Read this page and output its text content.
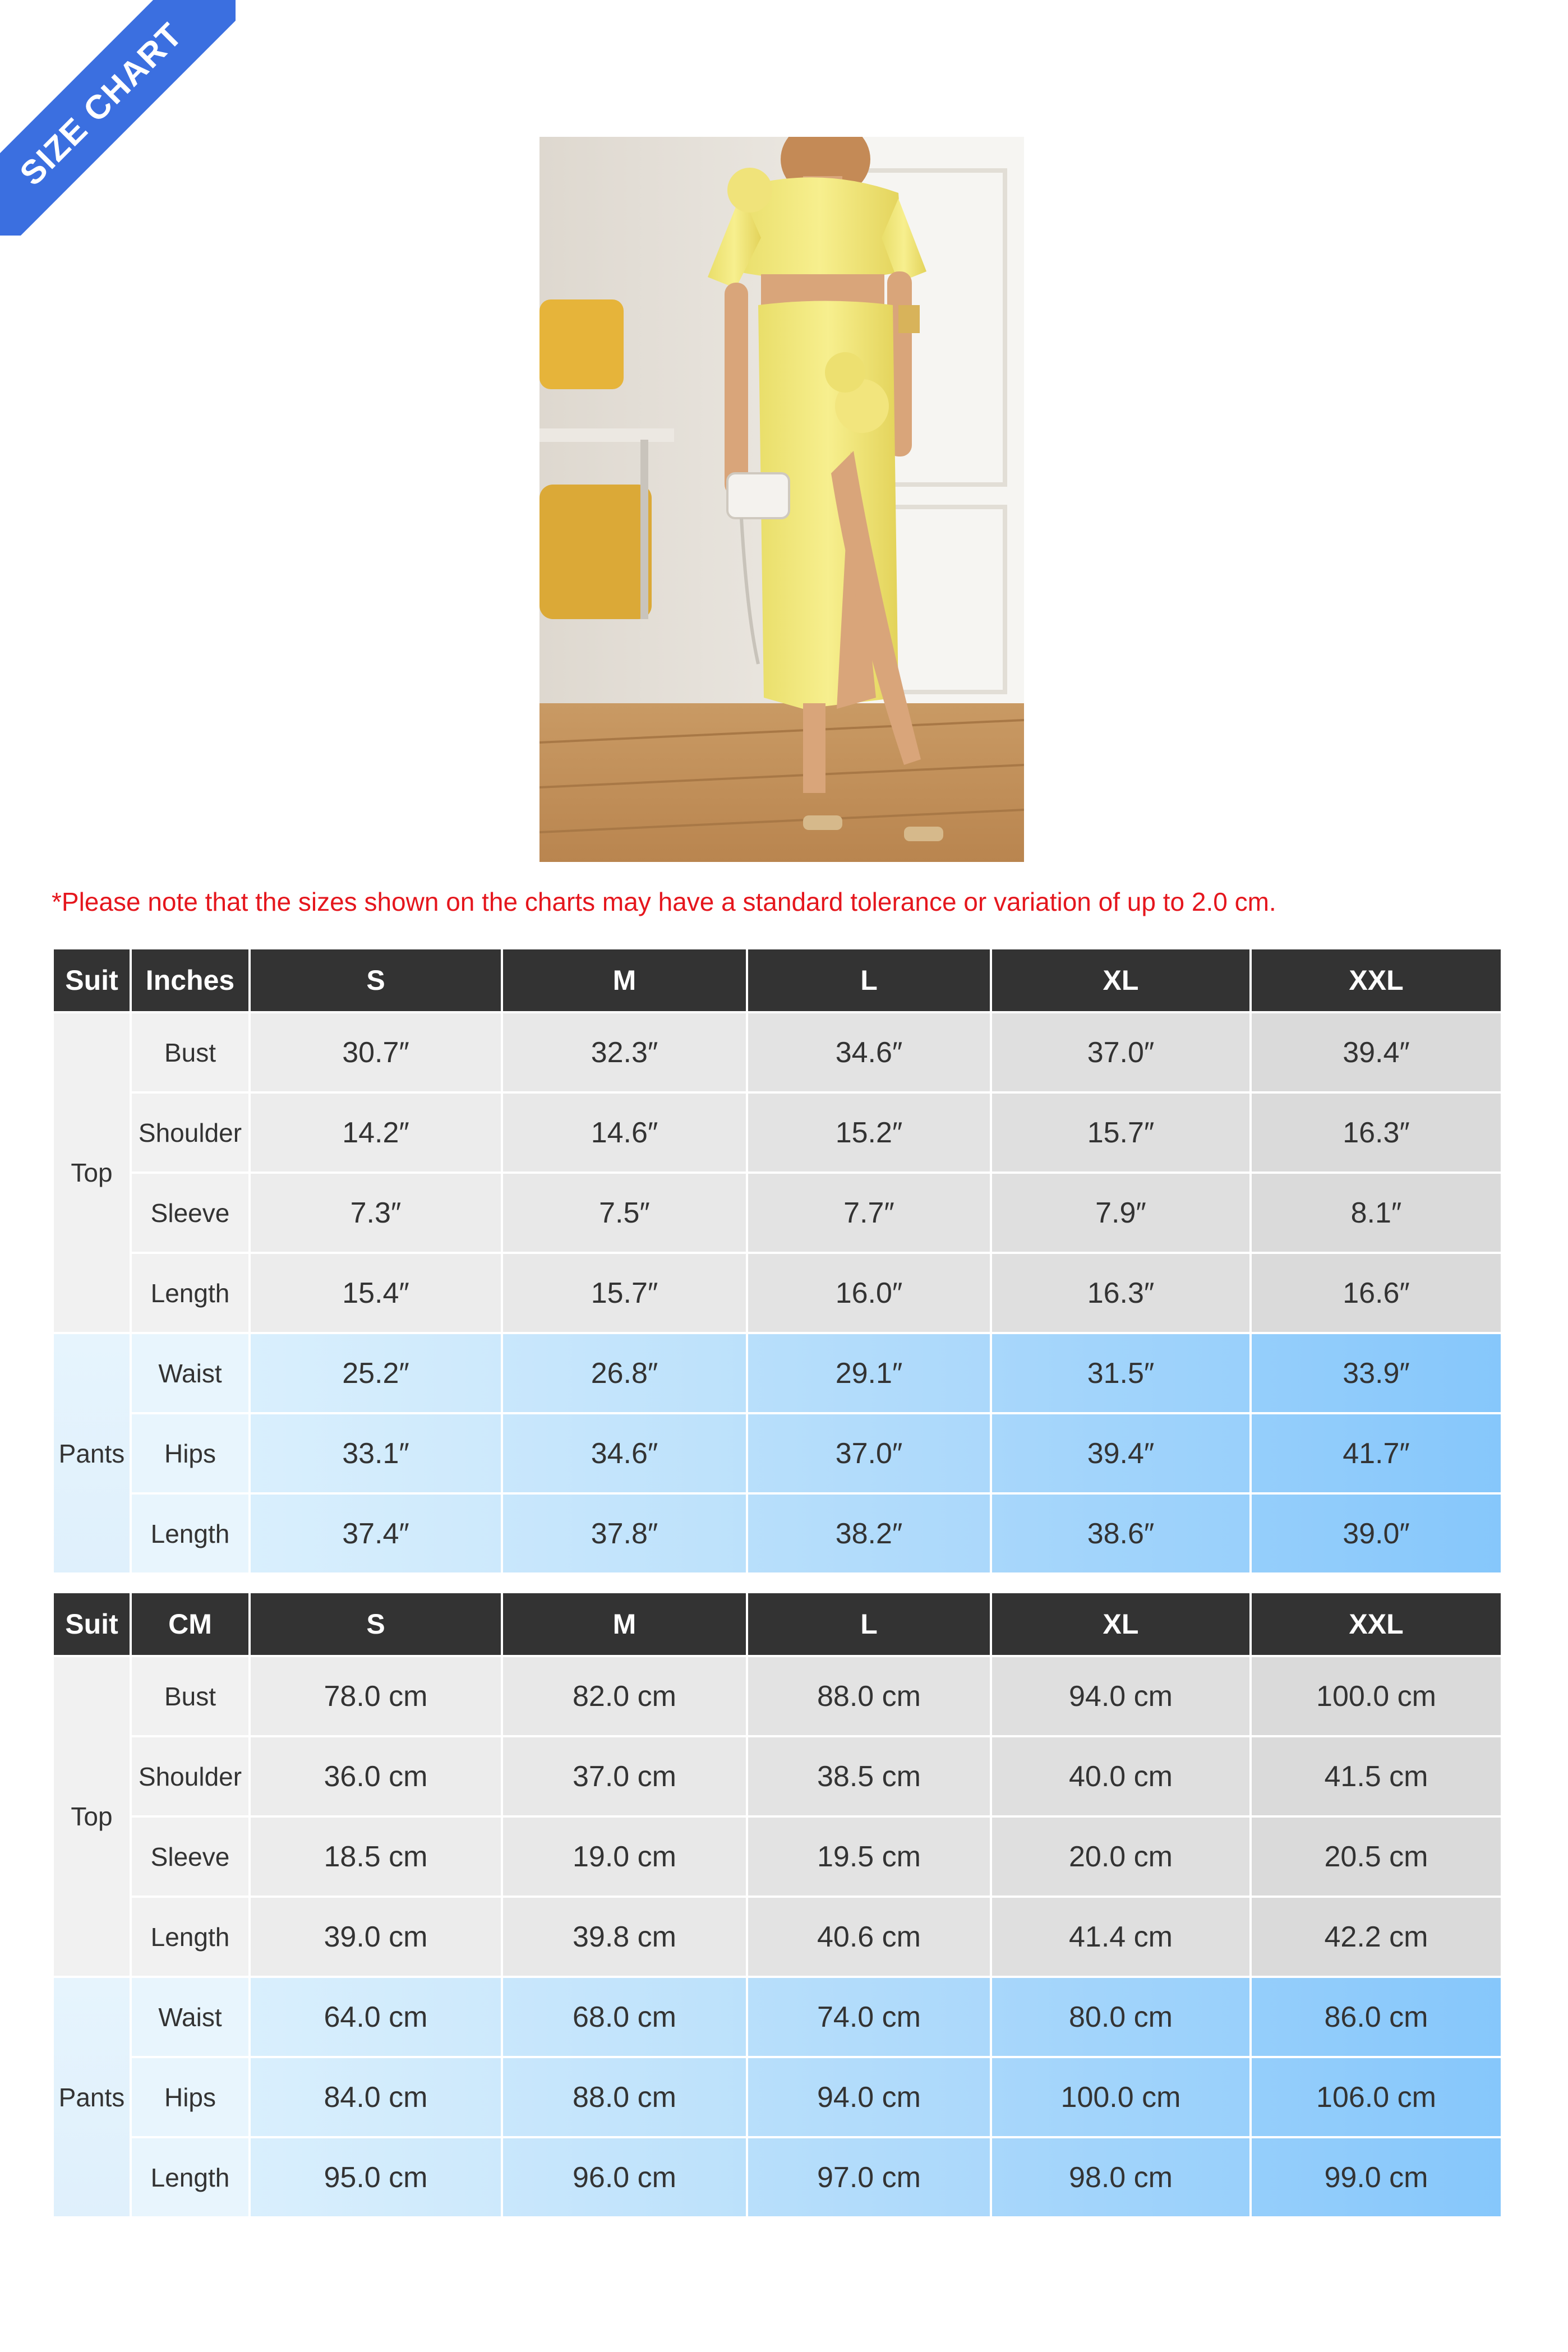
SIZE CHART
*Please note that the sizes shown on the charts may have a standard tolerance or variation of up to 2.0 cm.
Suit	Inches	S	M	L	XL	XXL
Top	Bust	30.7″	32.3″	34.6″	37.0″	39.4″
	Shoulder	14.2″	14.6″	15.2″	15.7″	16.3″
	Sleeve	7.3″	7.5″	7.7″	7.9″	8.1″
	Length	15.4″	15.7″	16.0″	16.3″	16.6″
Pants	Waist	25.2″	26.8″	29.1″	31.5″	33.9″
	Hips	33.1″	34.6″	37.0″	39.4″	41.7″
	Length	37.4″	37.8″	38.2″	38.6″	39.0″
Suit	CM	S	M	L	XL	XXL
Top	Bust	78.0 cm	82.0 cm	88.0 cm	94.0 cm	100.0 cm
	Shoulder	36.0 cm	37.0 cm	38.5 cm	40.0 cm	41.5 cm
	Sleeve	18.5 cm	19.0 cm	19.5 cm	20.0 cm	20.5 cm
	Length	39.0 cm	39.8 cm	40.6 cm	41.4 cm	42.2 cm
Pants	Waist	64.0 cm	68.0 cm	74.0 cm	80.0 cm	86.0 cm
	Hips	84.0 cm	88.0 cm	94.0 cm	100.0 cm	106.0 cm
	Length	95.0 cm	96.0 cm	97.0 cm	98.0 cm	99.0 cm
